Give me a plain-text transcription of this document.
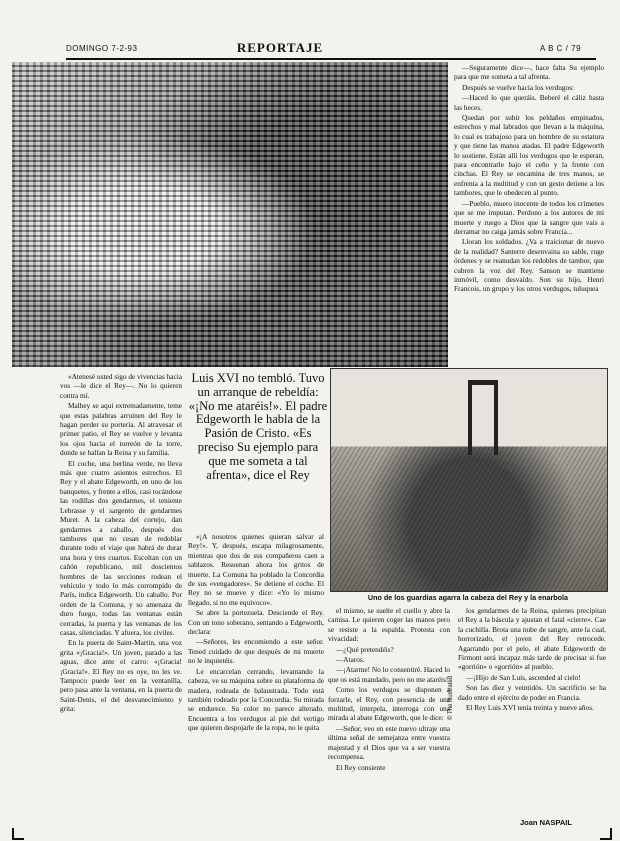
DOMINGO 7-2-93	REPORTAJE	A B C / 79

—Seguramente dice—, hace falta Su ejemplo para que me someta a tal afrenta.

Después se vuelve hacia los verdugos:

—Haced lo que queráis. Beberé el cáliz hasta las heces.

Quedan por subir los peldaños empinados, estrechos y mal labrados que llevan a la máquina, lo cual es trabajoso para un hombre de su estatura y que tiene las manos atadas. El padre Edgeworth lo sostiene. Están allí los verdugos que le esperan, para encontrarle bajo el ceño y la frente con cinchas. El Rey se encamina de tres manos, se enfrenta a la multitud y con un gesto detiene a los tambores, que le obedecen al punto.

—Pueblo, muero inocente de todos los crímenes que se me imputan. Perdono a los autores de mi muerte y ruego a Dios que la sangre que vais a derramar no caiga jamás sobre Francia...

Lloran los soldados. ¿Va a traicionar de nuevo de la realidad? Santerre desenvaina su sable, ruge órdenes y se reanudan los redobles de tambor, que cubren la voz del Rey. Sanson se mantiene inmóvil, como desvaído. Son su hijo, Henri Francois, un grupo y los otros verdugos, tuluquea

«Atenesé usted sigo de vivencias hacia vos —le dice el Rey—. No lo quieren contra mí.

Malhey se aquí extremadamente, teme que estas palabras arruinen del Rey le hagan perder su portería. Al atravesar el primer patio, el Rey se vuelve y levanta los ojos hacia el torreón de la torre, donde se hallan la Reina y su familia.

El coche, una berlina verde, no lleva más que cuatro asientos estrechos. El Rey y el abate Edgeworth, en uno de los banquetes, y frente a ellos, casi tocándose las rodillas dos gendarmes, el teniente Lebrasse y el sargento de gendarmes Muret. A la cabeza del cortejo, dan gendarmes a caballo, después dos tambores que no cesan de redoblar durante todo el viaje que habrá de durar una hora y tres cuartos. Escoltan con un cañón republicano, mil doscientos hombres de las secciones rodean el vehículo y todo lo más corrompido de París, indica Edgeworth. Un caballo. Por orden de la Comuna, y so amenaza de duro fuego, todas las ventanas están cerradas, la puerta y las ventanas de los casas, silenciadas. Y afuera, los civiles.

En la puerta de Saint-Martin, una voz grita «¡Gracia!». Un joven, parado a las aguas, dice ante el carro: «¡Gracia! ¡Gracia!». El Rey no es oye, no les ve. Tampoco puede leer en la ventanilla, pero pasa ante la ventana, en la puerta de Saint-Denis, el del desvanecimiento y grita:

Luis XVI no tembló. Tuvo un arranque de rebeldía: «¡No me ataréis!». El padre Edgeworth le habla de la Pasión de Cristo. «Es preciso Su ejemplo para que me someta a tal afrenta», dice el Rey

«¡A nosotros quienes quieran salvar al Rey!». Y, después, escapa milagrosamente, mientras que dos de sus compañeros caen a sablazos. Resuenan ahora los gritos de muerte. La Comuna ha poblado la Concordia de sus «vengadores». Se detiene el coche. El Rey no se mueve y dice: «Yo lo mismo llegado, si no me equivoco».

Se abre la portezuela. Desciende el Rey. Con un tono soberano, sentando a Edgeworth, declara:

—Señores, les encomiendo a este señor. Tened cuidado de que después de mi muerte no le inquietéis.

Le encarcelan cerrando, levantando la cabeza, ve su máquina sobre su plataforma de madera, rodeada de balaustrada. Todo está también rodeado por la Concordia. Su mirada se endurece. Su color no parece alterado. Encuentra a los verdugos al pie del vertigo que quieren despojarle de la ropa, no le quita

Uno de los guardias agarra la cabeza del Rey y la enarbola

el mismo, se suelte el cuello y abre la camisa. Le quieren coger las manos pero se resiste a la espalda. Protesta con vivacidad:

—¿Qué pretendéis?

—Ataros.

—¡Atarme! No lo consentiré. Haced lo que os está mandado, pero no me ataréis!

Como los verdugos se disponen a forzarle, el Rey, con presencia de una multitud, interpela, interroga con una mirada al abate Edgeworth, que le dice:

—Señor, veo en este nuevo ultraje una última señal de semejanza entre vuestra majestad y el Dios que va a ser vuestra recompensa.

El Rey consiente

© The Illustrated

los gendarmes de la Reina, quienes precipitan el Rey a la báscula y ajustan el fatal «cierre». Cae la cuchilla. Brota una nube de sangre, ante la cual, horrorizado, el joven del Rey retrocede. Agarrando por el pelo, el abate Edgeworth de Firmont será incapaz más tarde de precisar si fue «gorrión» o «gorrión» al pueblo.

—¡Hijo de San Luis, ascended al cielo!

Son las diez y veintidós. Un sacrificio se ha dado entre el ejército de poder en Francia.

El Rey Luis XVI tenía treinta y nueve años.

Joan NASPAIL
